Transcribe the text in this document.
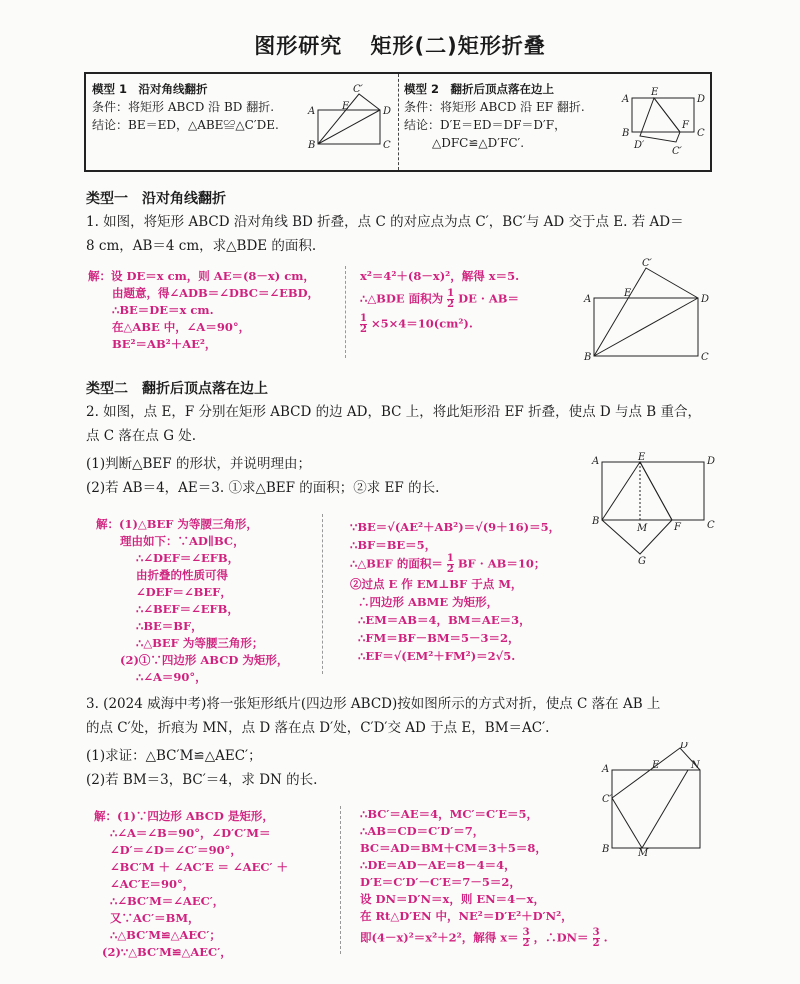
图形研究 矩形(二)矩形折叠
模型 1　沿对角线翻折
条件：将矩形 ABCD 沿 BD 翻折.
结论：BE＝ED，△ABE≌△C′DE.
A
B
D
C
C′
E
模型 2　翻折后顶点落在边上
条件：将矩形 ABCD 沿 EF 翻折.
结论：D′E＝ED＝DF＝D′F，
△DFC≌△D′FC′.
A
B
D
C
E
F
D′
C′
类型一　沿对角线翻折
1. 如图，将矩形 ABCD 沿对角线 BD 折叠，点 C 的对应点为点 C′，BC′与 AD 交于点 E. 若 AD＝
8 cm，AB＝4 cm，求△BDE 的面积.
解：设 DE＝x cm，则 AE＝(8－x) cm，
由题意，得∠ADB＝∠DBC＝∠EBD，
∴BE＝DE＝x cm.
在△ABE 中，∠A＝90°，
BE²＝AB²＋AE²，
x²＝4²＋(8－x)²，解得 x＝5.
∴△BDE 面积为 $\frac{1}{2}$ DE · AB＝
$\frac{1}{2} \times 5\times 4=10(cm^2)$.
A
B
D
C
C′
E
类型二　翻折后顶点落在边上
2. 如图，点 E，F 分别在矩形 ABCD 的边 AD，BC 上，将此矩形沿 EF 折叠，使点 D 与点 B 重合，
点 C 落在点 G 处.
(1)判断△BEF 的形状，并说明理由；
(2)若 AB＝4，AE＝3. ①求△BEF 的面积；②求 EF 的长.
解：(1)△BEF 为等腰三角形，
理由如下：∵AD∥BC，
∴∠DEF＝∠EFB，
由折叠的性质可得
∠DEF＝∠BEF，
∴∠BEF＝∠EFB，
∴BE＝BF，
∴△BEF 为等腰三角形；
(2)①∵四边形 ABCD 为矩形，
∴∠A＝90°，
∵BE＝√(AE²＋AB²)＝√(9＋16)＝5，
∴BF＝BE＝5，
∴△BEF 的面积＝ $\frac{1}{2}$ BF · AB＝10；
②过点 E 作 EM⊥BF 于点 M，
∴四边形 ABME 为矩形，
∴EM＝AB＝4，BM＝AE＝3，
∴FM＝BF－BM＝5－3＝2，
∴EF＝√(EM²＋FM²)＝2√5.
A
B
D
C
E
F
M
G
3. (2024 威海中考)将一张矩形纸片(四边形 ABCD)按如图所示的方式对折，使点 C 落在 AB 上
的点 C′处，折痕为 MN，点 D 落在点 D′处，C′D′交 AD 于点 E，BM＝AC′.
(1)求证：△BC′M≌△AEC′；
(2)若 BM＝3，BC′＝4，求 DN 的长.
解：(1)∵四边形 ABCD 是矩形，
∴∠A＝∠B＝90°，∠D′C′M＝
∠D′＝∠D＝∠C′＝90°，
∠BC′M ＋ ∠AC′E ＝ ∠AEC′ ＋
∠AC′E＝90°，
∴∠BC′M＝∠AEC′，
又∵AC′＝BM，
∴△BC′M≌△AEC′；
(2)∵△BC′M≌△AEC′，
∴BC′＝AE＝4，MC′＝C′E＝5，
∴AB＝CD＝C′D′＝7，
BC＝AD＝BM＋CM＝3＋5＝8，
∴DE＝AD－AE＝8－4＝4，
D′E＝C′D′－C′E＝7－5＝2，
设 DN＝D′N＝x，则 EN＝4－x，
在 Rt△D′EN 中，NE²＝D′E²＋D′N²，
即(4－x)²＝x²＋2²，解得 $x= \frac{3}{2}$ ，∴DN＝ $\frac{3}{2}$ .
A
C′
B
D′
N
E
M
